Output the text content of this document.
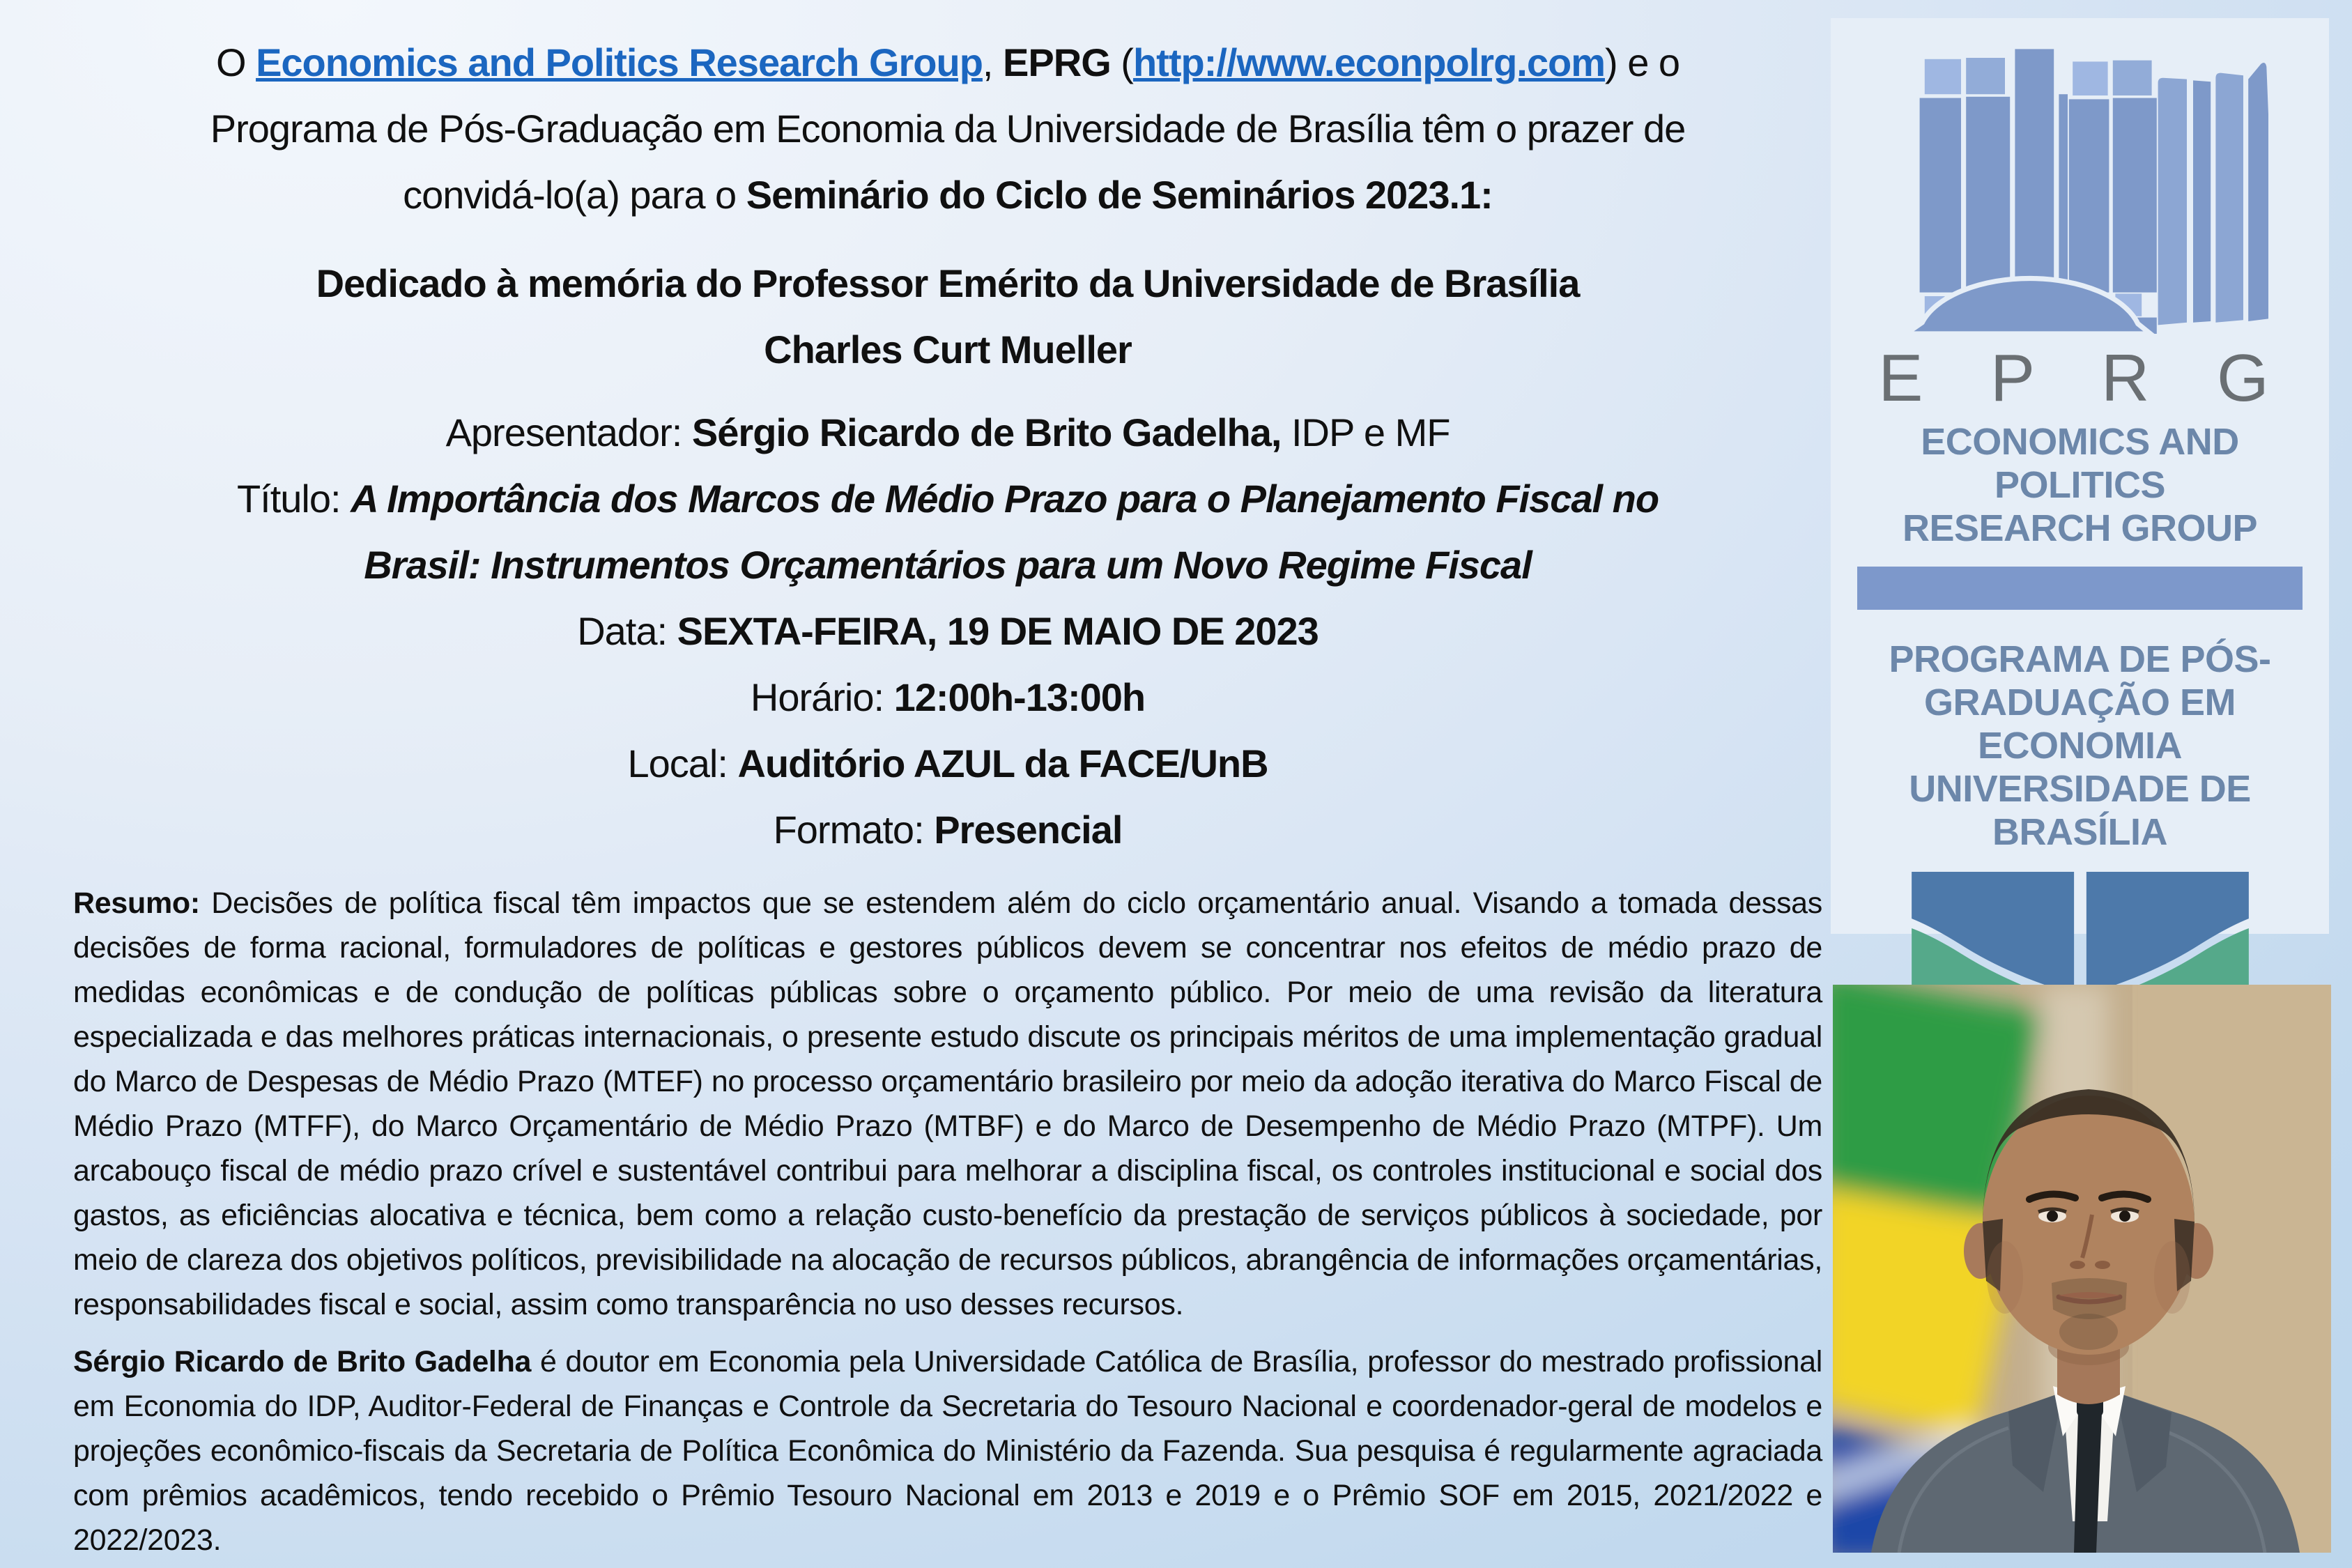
O Economics and Politics Research Group, EPRG (http://www.econpolrg.com) e o
Programa de Pós-Graduação em Economia da Universidade de Brasília têm o prazer de
convidá-lo(a) para o Seminário do Ciclo de Seminários 2023.1:
Dedicado à memória do Professor Emérito da Universidade de Brasília
Charles Curt Mueller
Apresentador: Sérgio Ricardo de Brito Gadelha, IDP e MF
Título: A Importância dos Marcos de Médio Prazo para o Planejamento Fiscal no
Brasil: Instrumentos Orçamentários para um Novo Regime Fiscal
Data: SEXTA-FEIRA, 19 DE MAIO DE 2023
Horário: 12:00h-13:00h
Local: Auditório AZUL da FACE/UnB
Formato: Presencial
Resumo: Decisões de política fiscal têm impactos que se estendem além do ciclo orçamentário anual. Visando a tomada dessas decisões de forma racional, formuladores de políticas e gestores públicos devem se concentrar nos efeitos de médio prazo de medidas econômicas e de condução de políticas públicas sobre o orçamento público. Por meio de uma revisão da literatura especializada e das melhores práticas internacionais, o presente estudo discute os principais méritos de uma implementação gradual do Marco de Despesas de Médio Prazo (MTEF) no processo orçamentário brasileiro por meio da adoção iterativa do Marco Fiscal de Médio Prazo (MTFF), do Marco Orçamentário de Médio Prazo (MTBF) e do Marco de Desempenho de Médio Prazo (MTPF). Um arcabouço fiscal de médio prazo crível e sustentável contribui para melhorar a disciplina fiscal, os controles institucional e social dos gastos, as eficiências alocativa e técnica, bem como a relação custo-benefício da prestação de serviços públicos à sociedade, por meio de clareza dos objetivos políticos, previsibilidade na alocação de recursos públicos, abrangência de informações orçamentárias, responsabilidades fiscal e social, assim como transparência no uso desses recursos.
Sérgio Ricardo de Brito Gadelha é doutor em Economia pela Universidade Católica de Brasília, professor do mestrado profissional em Economia do IDP, Auditor-Federal de Finanças e Controle da Secretaria do Tesouro Nacional e coordenador-geral de modelos e projeções econômico-fiscais da Secretaria de Política Econômica do Ministério da Fazenda. Sua pesquisa é regularmente agraciada com prêmios acadêmicos, tendo recebido o Prêmio Tesouro Nacional em 2013 e 2019 e o Prêmio SOF em 2015, 2021/2022 e 2022/2023.
E P R G
ECONOMICS AND POLITICS
RESEARCH GROUP
PROGRAMA DE PÓS-
GRADUAÇÃO EM ECONOMIA
UNIVERSIDADE DE BRASÍLIA
